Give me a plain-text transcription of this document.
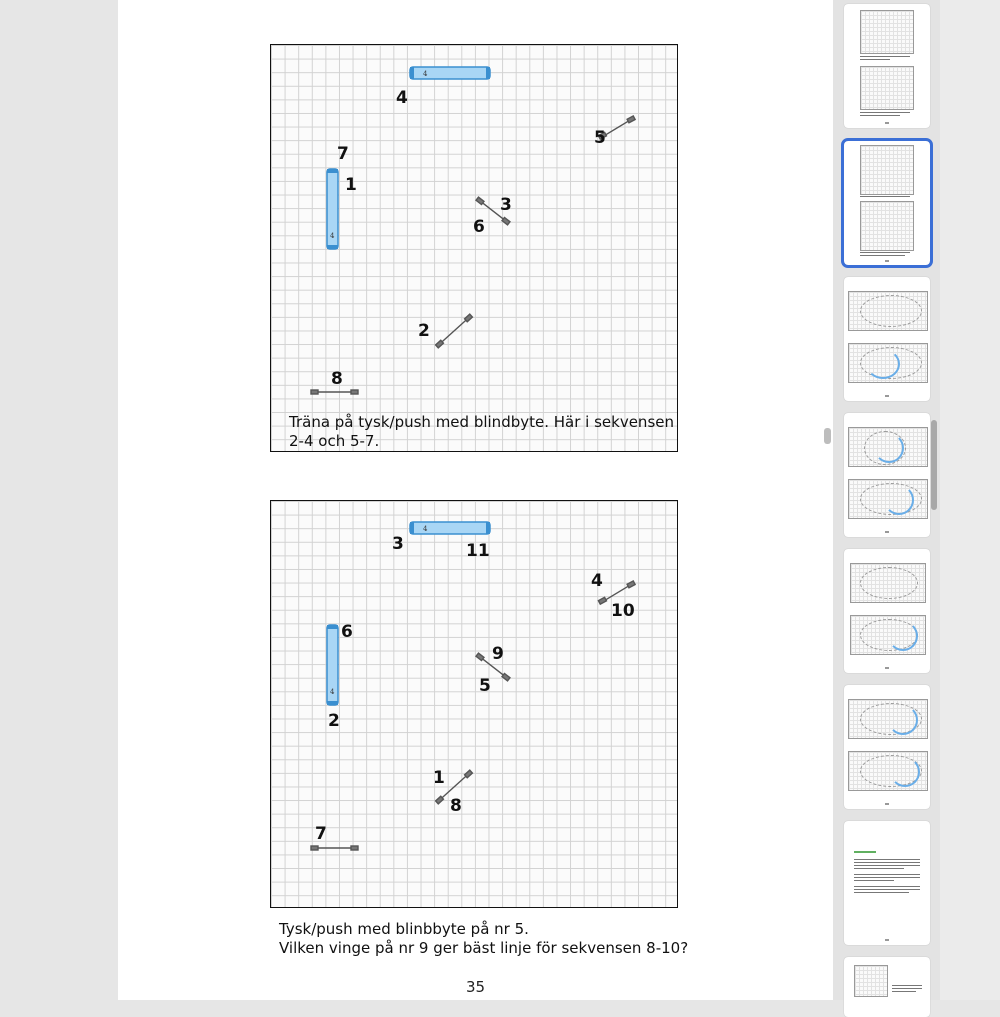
4
4
4
7
1
5
3
6
2
8
Träna på tysk/push med blindbyte. Här i sekvensen
2-4 och 5-7.
4
4
3	11
4
10
6
2
9
5
1
8
7
Tysk/push med blinbbyte på nr 5.
Vilken vinge på nr 9 ger bäst linje för sekvensen 8-10?
35
